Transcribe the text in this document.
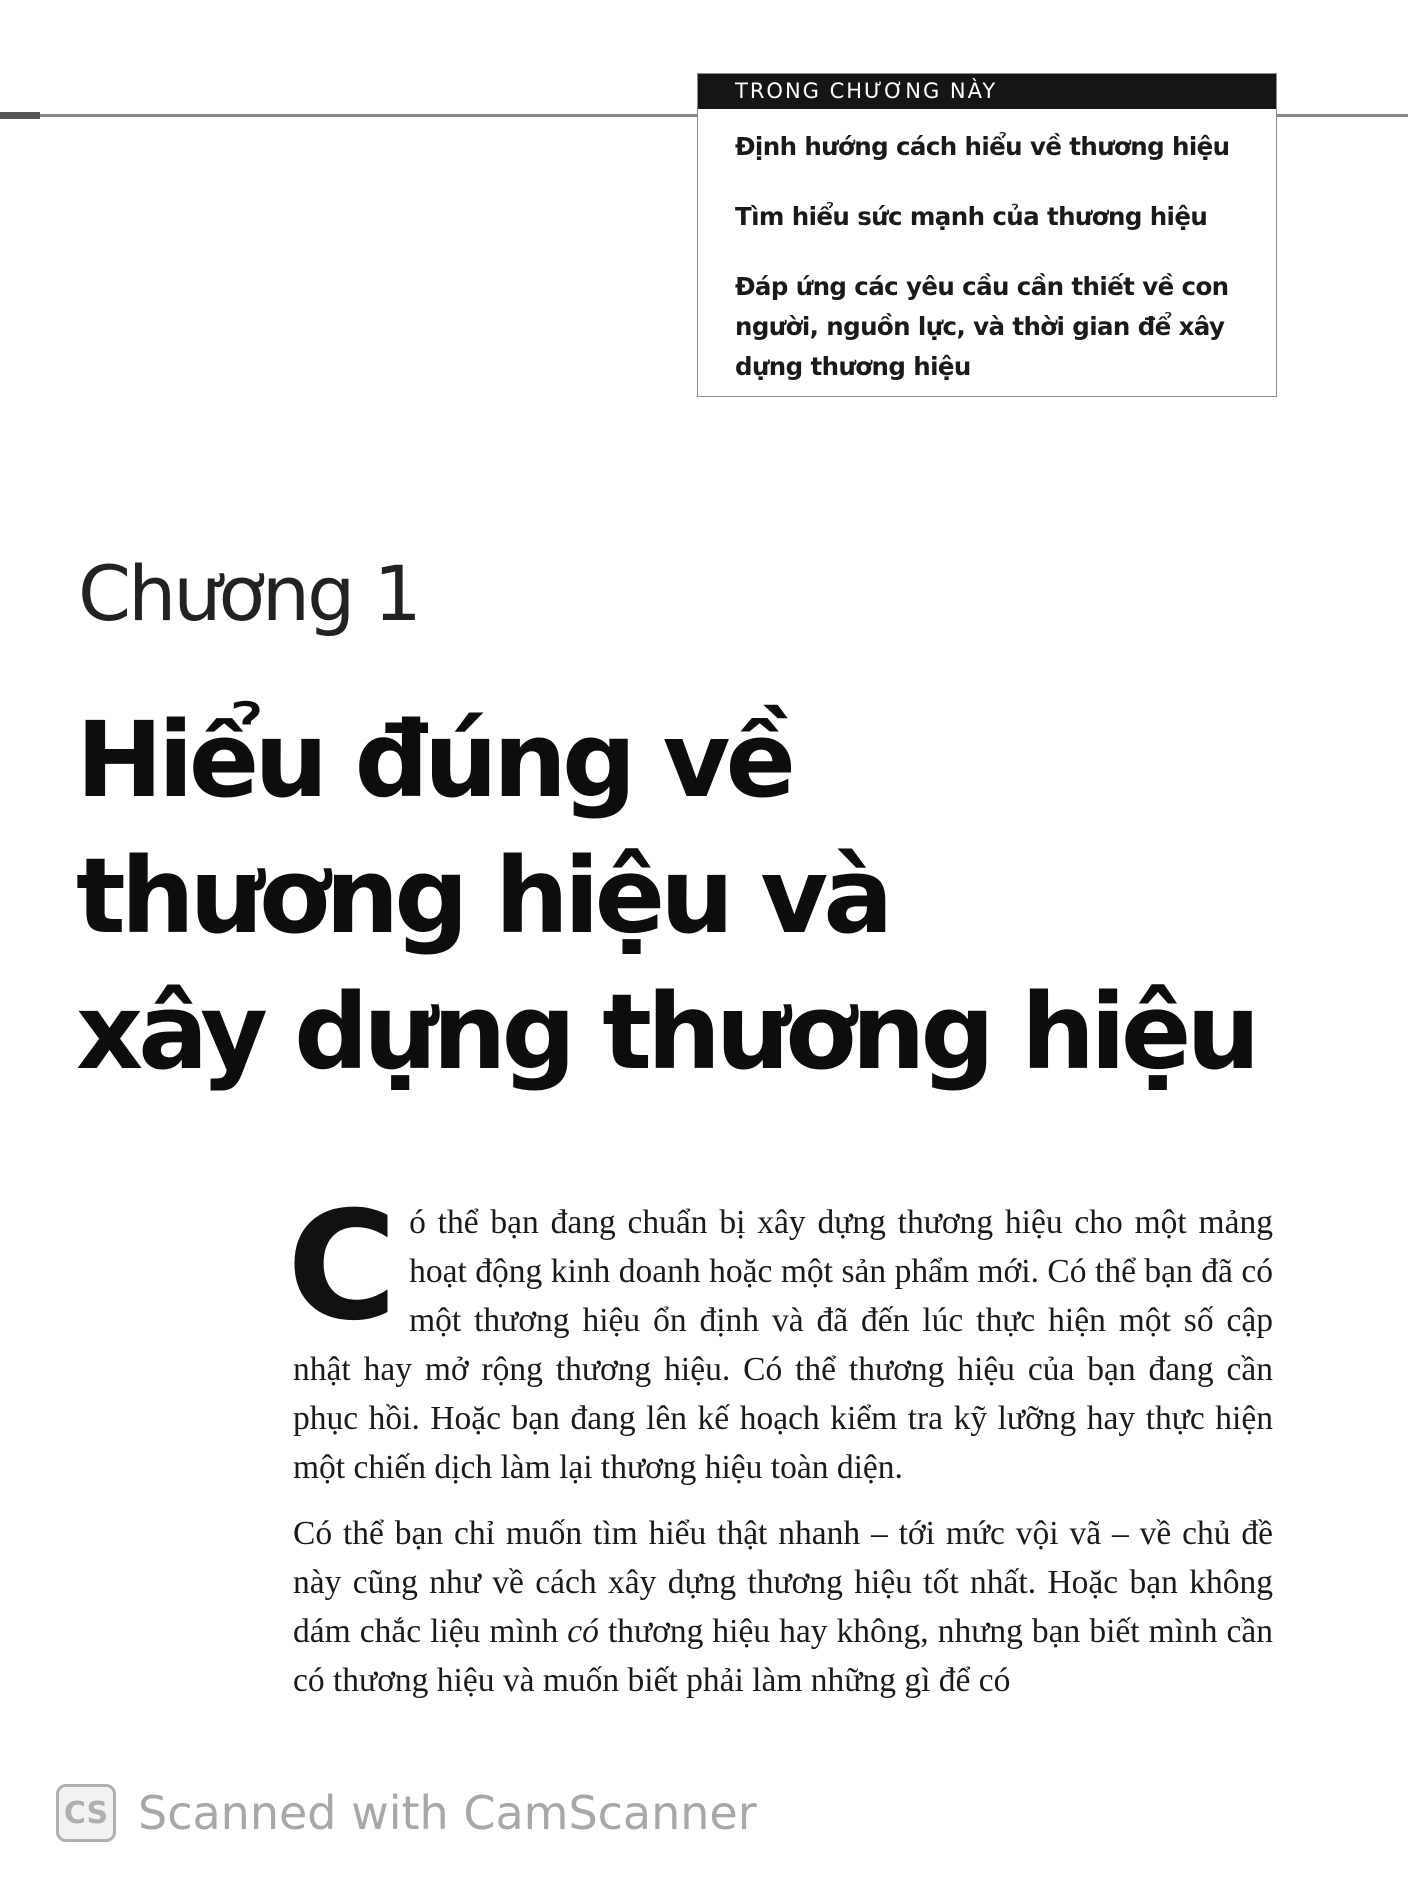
TRONG CHƯƠNG NÀY
Định hướng cách hiểu về thương hiệu
Tìm hiểu sức mạnh của thương hiệu
Đáp ứng các yêu cầu cần thiết về con người, nguồn lực, và thời gian để xây dựng thương hiệu
Chương 1
Hiểu đúng về
thương hiệu và
xây dựng thương hiệu

Có thể bạn đang chuẩn bị xây dựng thương hiệu cho một mảng hoạt động kinh doanh hoặc một sản phẩm mới. Có thể bạn đã có một thương hiệu ổn định và đã đến lúc thực hiện một số cập nhật hay mở rộng thương hiệu. Có thể thương hiệu của bạn đang cần phục hồi. Hoặc bạn đang lên kế hoạch kiểm tra kỹ lưỡng hay thực hiện một chiến dịch làm lại thương hiệu toàn diện.

Có thể bạn chỉ muốn tìm hiểu thật nhanh – tới mức vội vã – về chủ đề này cũng như về cách xây dựng thương hiệu tốt nhất. Hoặc bạn không dám chắc liệu mình có thương hiệu hay không, nhưng bạn biết mình cần có thương hiệu và muốn biết phải làm những gì để có

CS Scanned with CamScanner
